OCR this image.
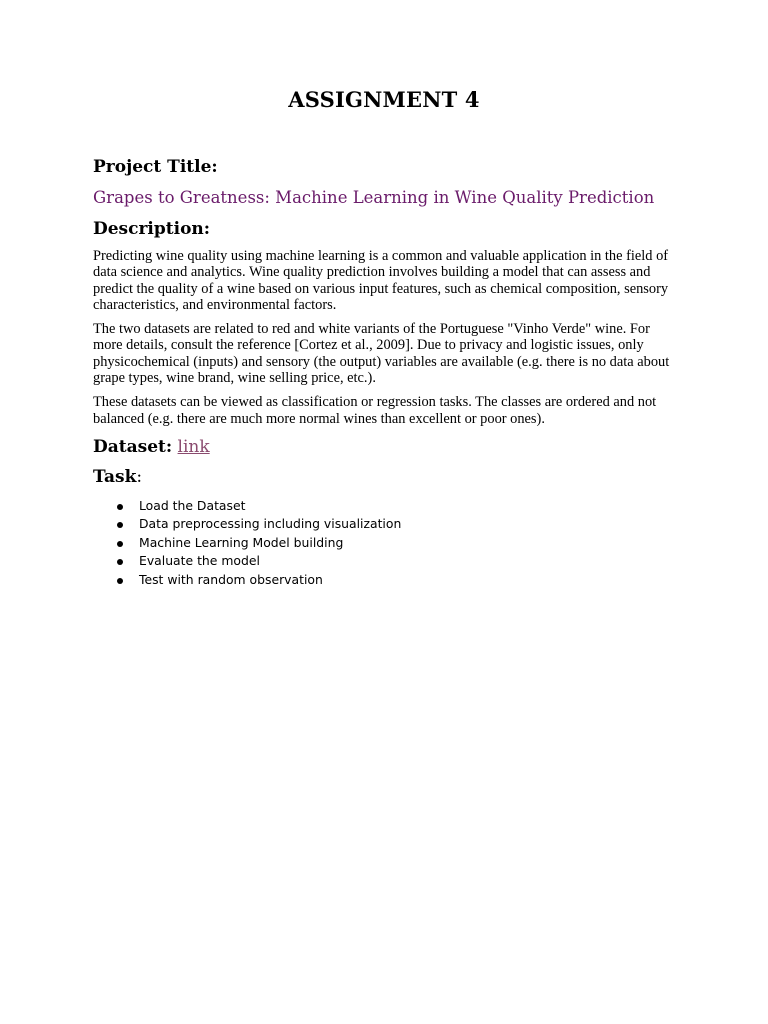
ASSIGNMENT 4
Project Title:
Grapes to Greatness: Machine Learning in Wine Quality Prediction
Description:

Predicting wine quality using machine learning is a common and valuable application in the field of data science and analytics. Wine quality prediction involves building a model that can assess and predict the quality of a wine based on various input features, such as chemical composition, sensory characteristics, and environmental factors.

The two datasets are related to red and white variants of the Portuguese "Vinho Verde" wine. For more details, consult the reference [Cortez et al., 2009]. Due to privacy and logistic issues, only physicochemical (inputs) and sensory (the output) variables are available (e.g. there is no data about grape types, wine brand, wine selling price, etc.).

These datasets can be viewed as classification or regression tasks. The classes are ordered and not balanced (e.g. there are much more normal wines than excellent or poor ones).

Dataset: link
Task:
Load the Dataset
Data preprocessing including visualization
Machine Learning Model building
Evaluate the model
Test with random observation
